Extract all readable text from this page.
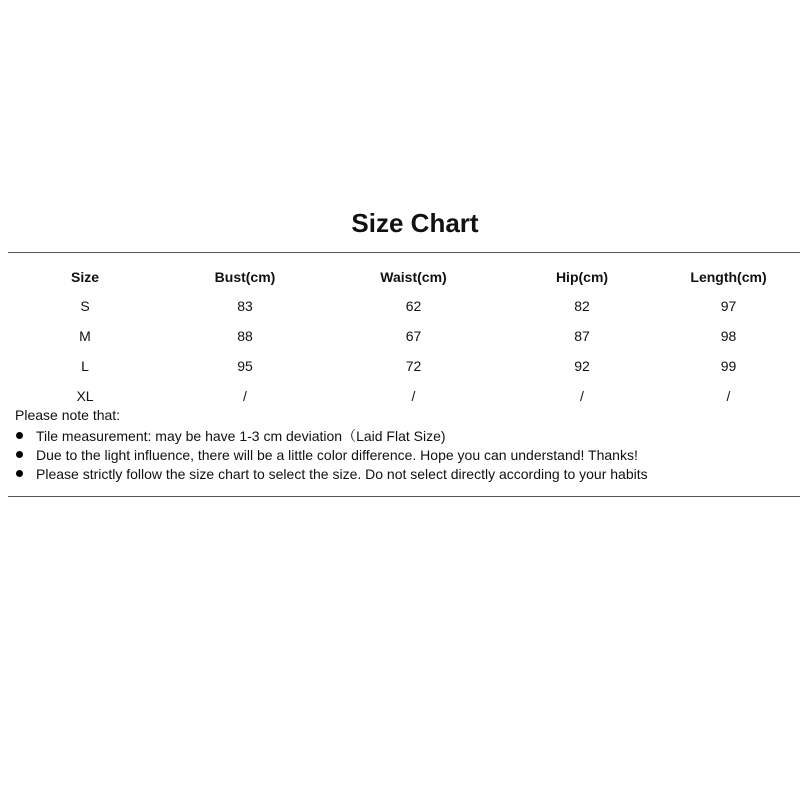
Size Chart
Size	Bust(cm)	Waist(cm)	Hip(cm)	Length(cm)
S	83	62	82	97
M	88	67	87	98
L	95	72	92	99
XL	/	/	/	/
Please note that:
Tile measurement: may be have 1-3 cm deviation（Laid Flat Size)
Due to the light influence, there will be a little color difference. Hope you can understand! Thanks!
Please strictly follow the size chart to select the size. Do not select directly according to your habits
